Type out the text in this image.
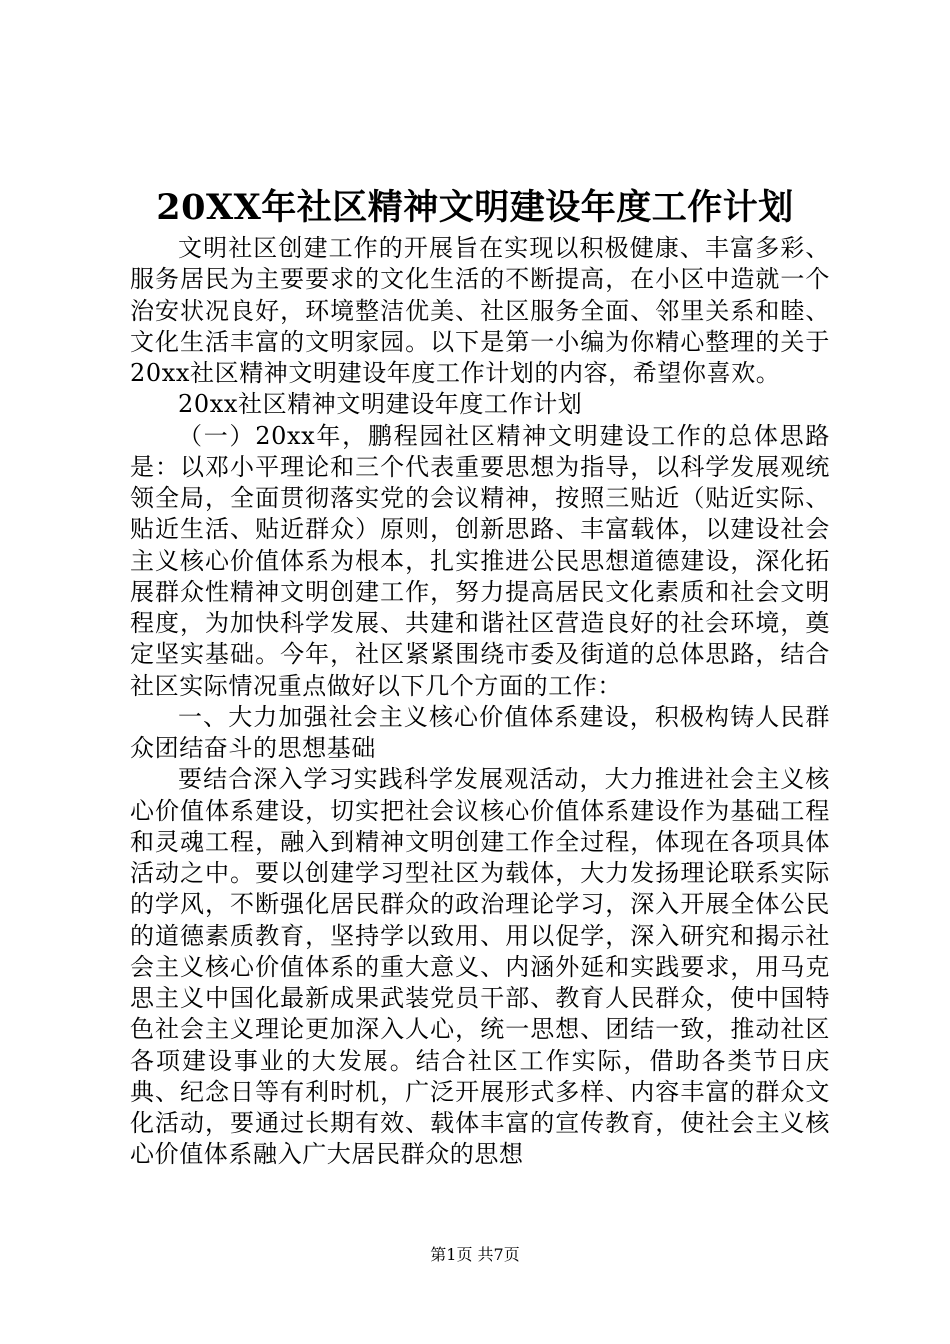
20XX年社区精神文明建设年度工作计划

文明社区创建工作的开展旨在实现以积极健康、丰富多彩、服务居民为主要要求的文化生活的不断提高，在小区中造就一个治安状况良好，环境整洁优美、社区服务全面、邻里关系和睦、文化生活丰富的文明家园。以下是第一小编为你精心整理的关于20xx社区精神文明建设年度工作计划的内容，希望你喜欢。

20xx社区精神文明建设年度工作计划

（一）20xx年，鹏程园社区精神文明建设工作的总体思路是：以邓小平理论和三个代表重要思想为指导，以科学发展观统领全局，全面贯彻落实党的会议精神，按照三贴近（贴近实际、贴近生活、贴近群众）原则，创新思路、丰富载体，以建设社会主义核心价值体系为根本，扎实推进公民思想道德建设，深化拓展群众性精神文明创建工作，努力提高居民文化素质和社会文明程度，为加快科学发展、共建和谐社区营造良好的社会环境，奠定坚实基础。今年，社区紧紧围绕市委及街道的总体思路，结合社区实际情况重点做好以下几个方面的工作：

一、大力加强社会主义核心价值体系建设，积极构铸人民群众团结奋斗的思想基础

要结合深入学习实践科学发展观活动，大力推进社会主义核心价值体系建设，切实把社会议核心价值体系建设作为基础工程和灵魂工程，融入到精神文明创建工作全过程，体现在各项具体活动之中。要以创建学习型社区为载体，大力发扬理论联系实际的学风，不断强化居民群众的政治理论学习，深入开展全体公民的道德素质教育，坚持学以致用、用以促学，深入研究和揭示社会主义核心价值体系的重大意义、内涵外延和实践要求，用马克思主义中国化最新成果武装党员干部、教育人民群众，使中国特色社会主义理论更加深入人心，统一思想、团结一致，推动社区各项建设事业的大发展。结合社区工作实际，借助各类节日庆典、纪念日等有利时机，广泛开展形式多样、内容丰富的群众文化活动，要通过长期有效、载体丰富的宣传教育，使社会主义核心价值体系融入广大居民群众的思想

第1页 共7页
